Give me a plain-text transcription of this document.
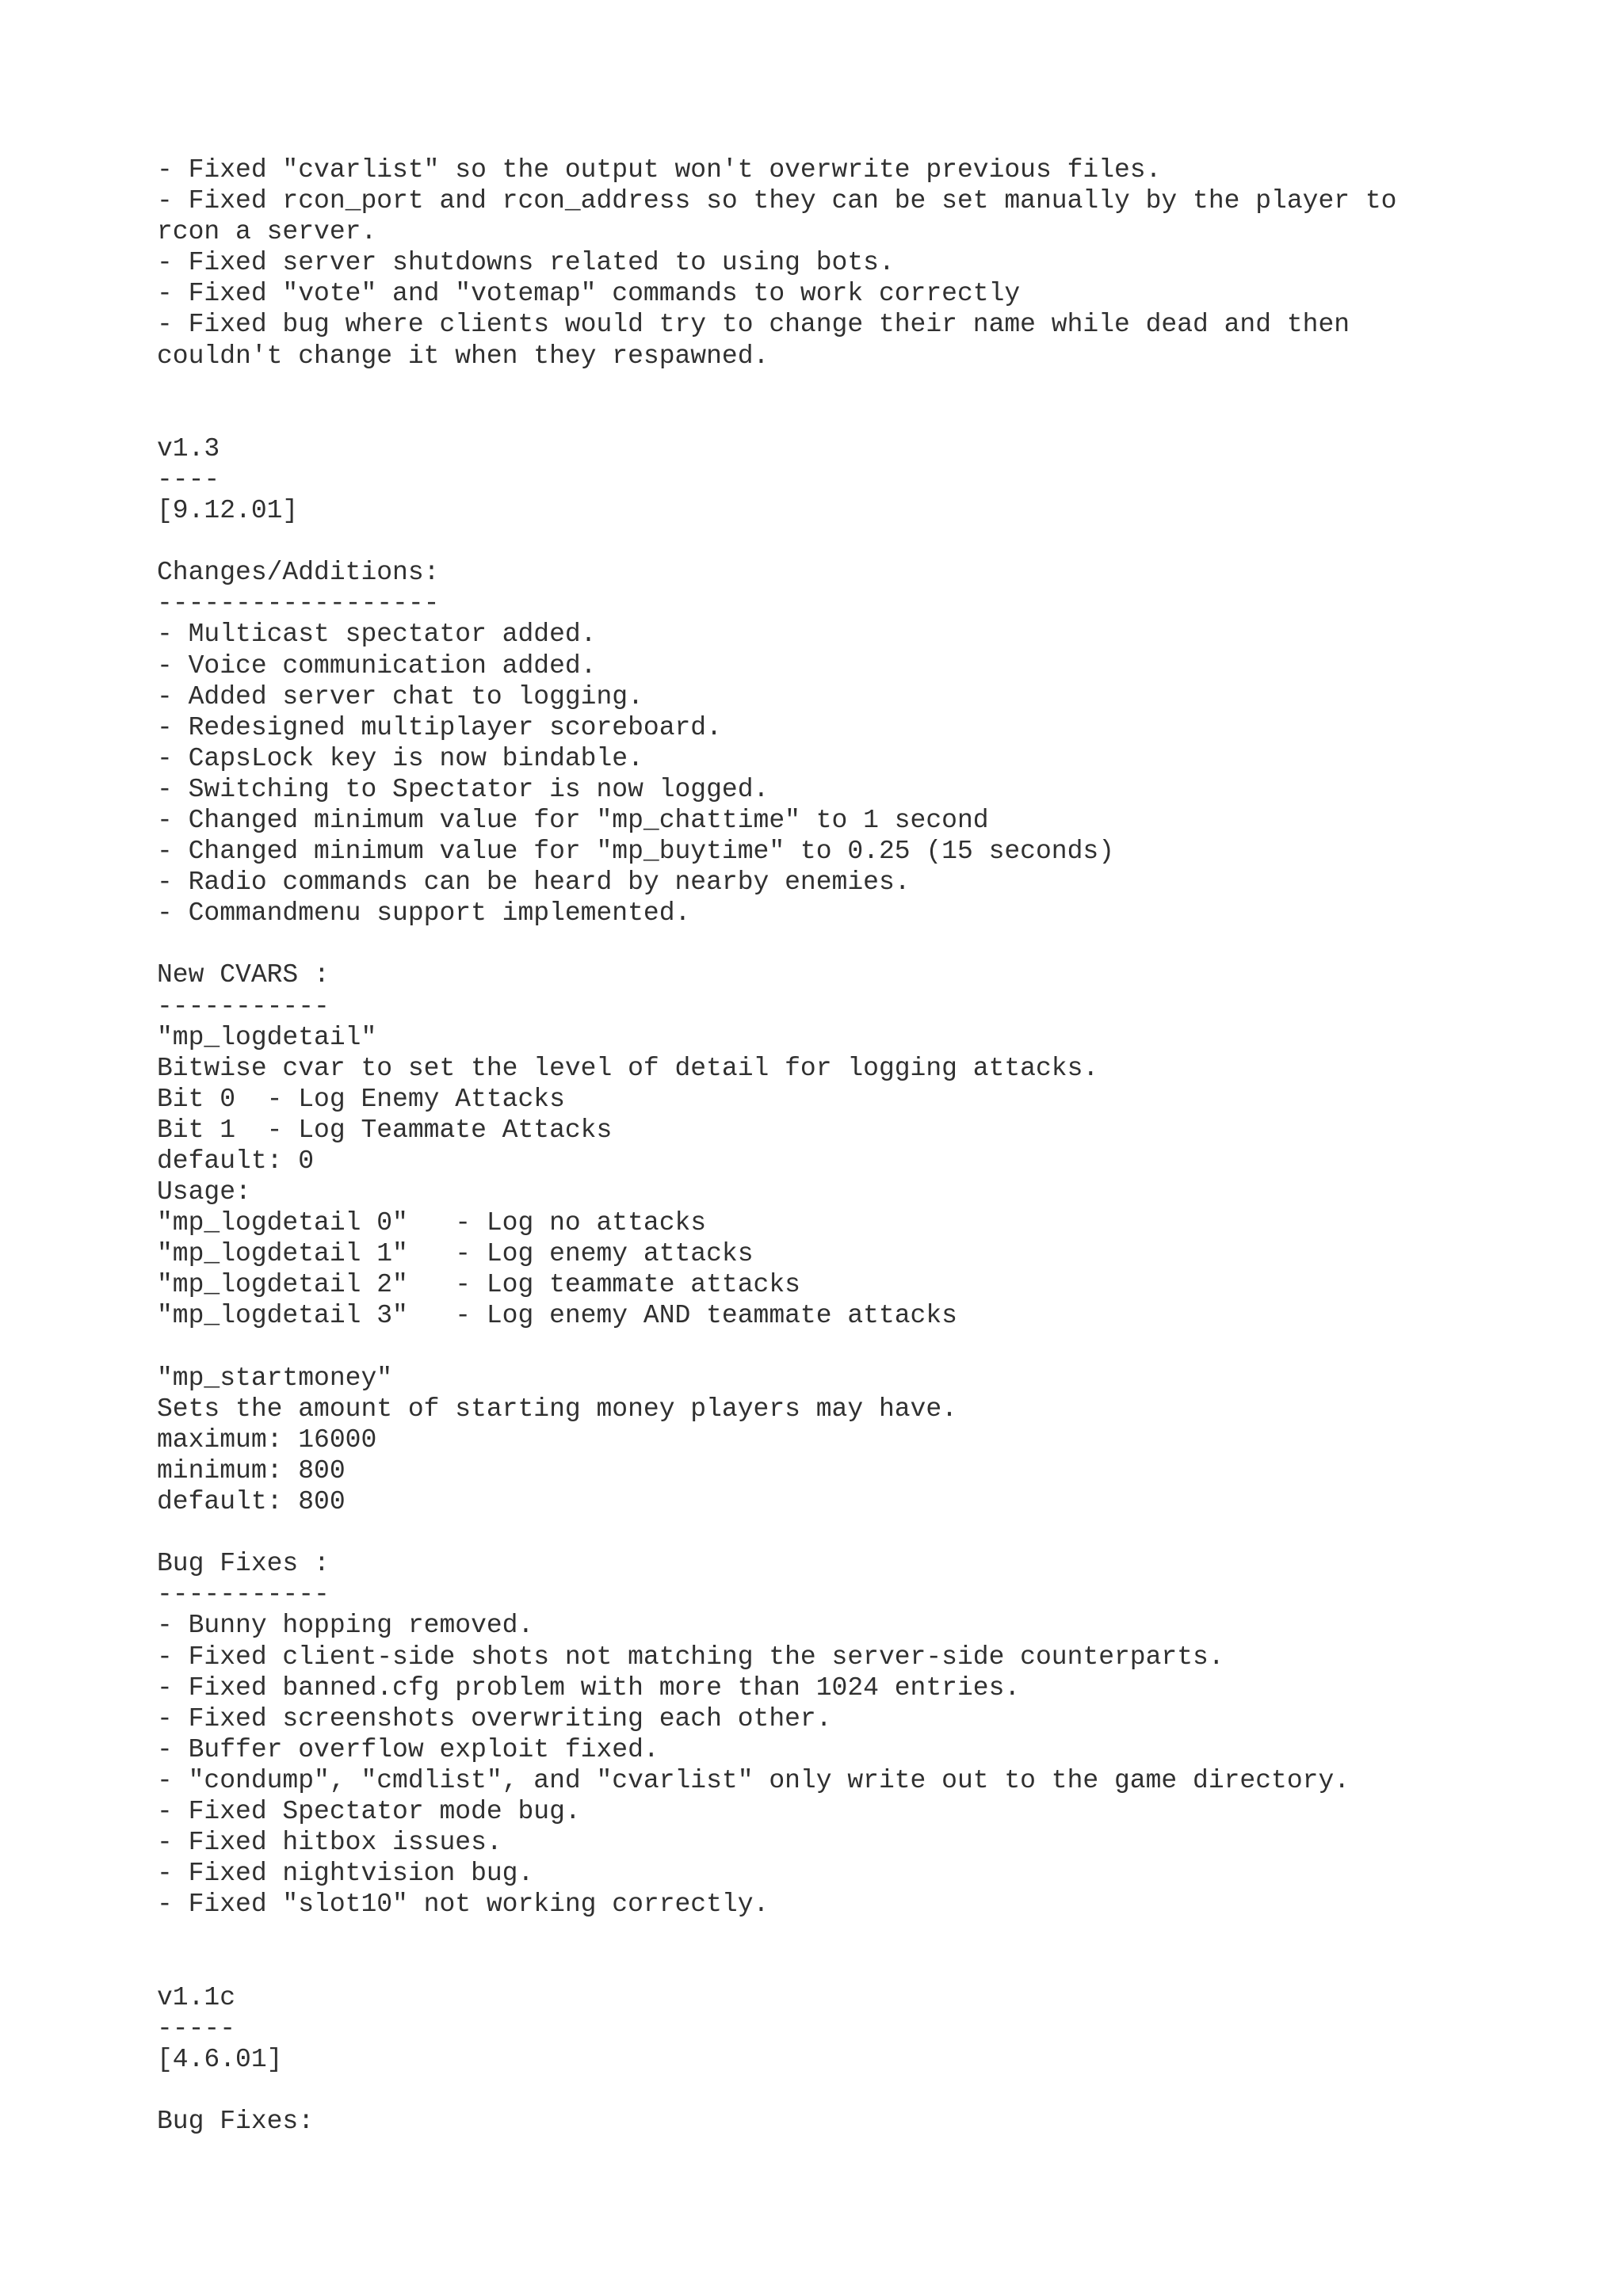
- Fixed "cvarlist" so the output won't overwrite previous files.
- Fixed rcon_port and rcon_address so they can be set manually by the player to
rcon a server.
- Fixed server shutdowns related to using bots.
- Fixed "vote" and "votemap" commands to work correctly
- Fixed bug where clients would try to change their name while dead and then
couldn't change it when they respawned.
v1.3
----
[9.12.01]
Changes/Additions:
------------------
- Multicast spectator added.
- Voice communication added.
- Added server chat to logging.
- Redesigned multiplayer scoreboard.
- CapsLock key is now bindable.
- Switching to Spectator is now logged.
- Changed minimum value for "mp_chattime" to 1 second
- Changed minimum value for "mp_buytime" to 0.25 (15 seconds)
- Radio commands can be heard by nearby enemies.
- Commandmenu support implemented.
New CVARS :
-----------
"mp_logdetail"
Bitwise cvar to set the level of detail for logging attacks.
Bit 0  - Log Enemy Attacks
Bit 1  - Log Teammate Attacks
default: 0
Usage:
"mp_logdetail 0"   - Log no attacks
"mp_logdetail 1"   - Log enemy attacks
"mp_logdetail 2"   - Log teammate attacks
"mp_logdetail 3"   - Log enemy AND teammate attacks
"mp_startmoney"
Sets the amount of starting money players may have.
maximum: 16000
minimum: 800
default: 800
Bug Fixes :
-----------
- Bunny hopping removed.
- Fixed client-side shots not matching the server-side counterparts.
- Fixed banned.cfg problem with more than 1024 entries.
- Fixed screenshots overwriting each other.
- Buffer overflow exploit fixed.
- "condump", "cmdlist", and "cvarlist" only write out to the game directory.
- Fixed Spectator mode bug.
- Fixed hitbox issues.
- Fixed nightvision bug.
- Fixed "slot10" not working correctly.
v1.1c
-----
[4.6.01]
Bug Fixes:
